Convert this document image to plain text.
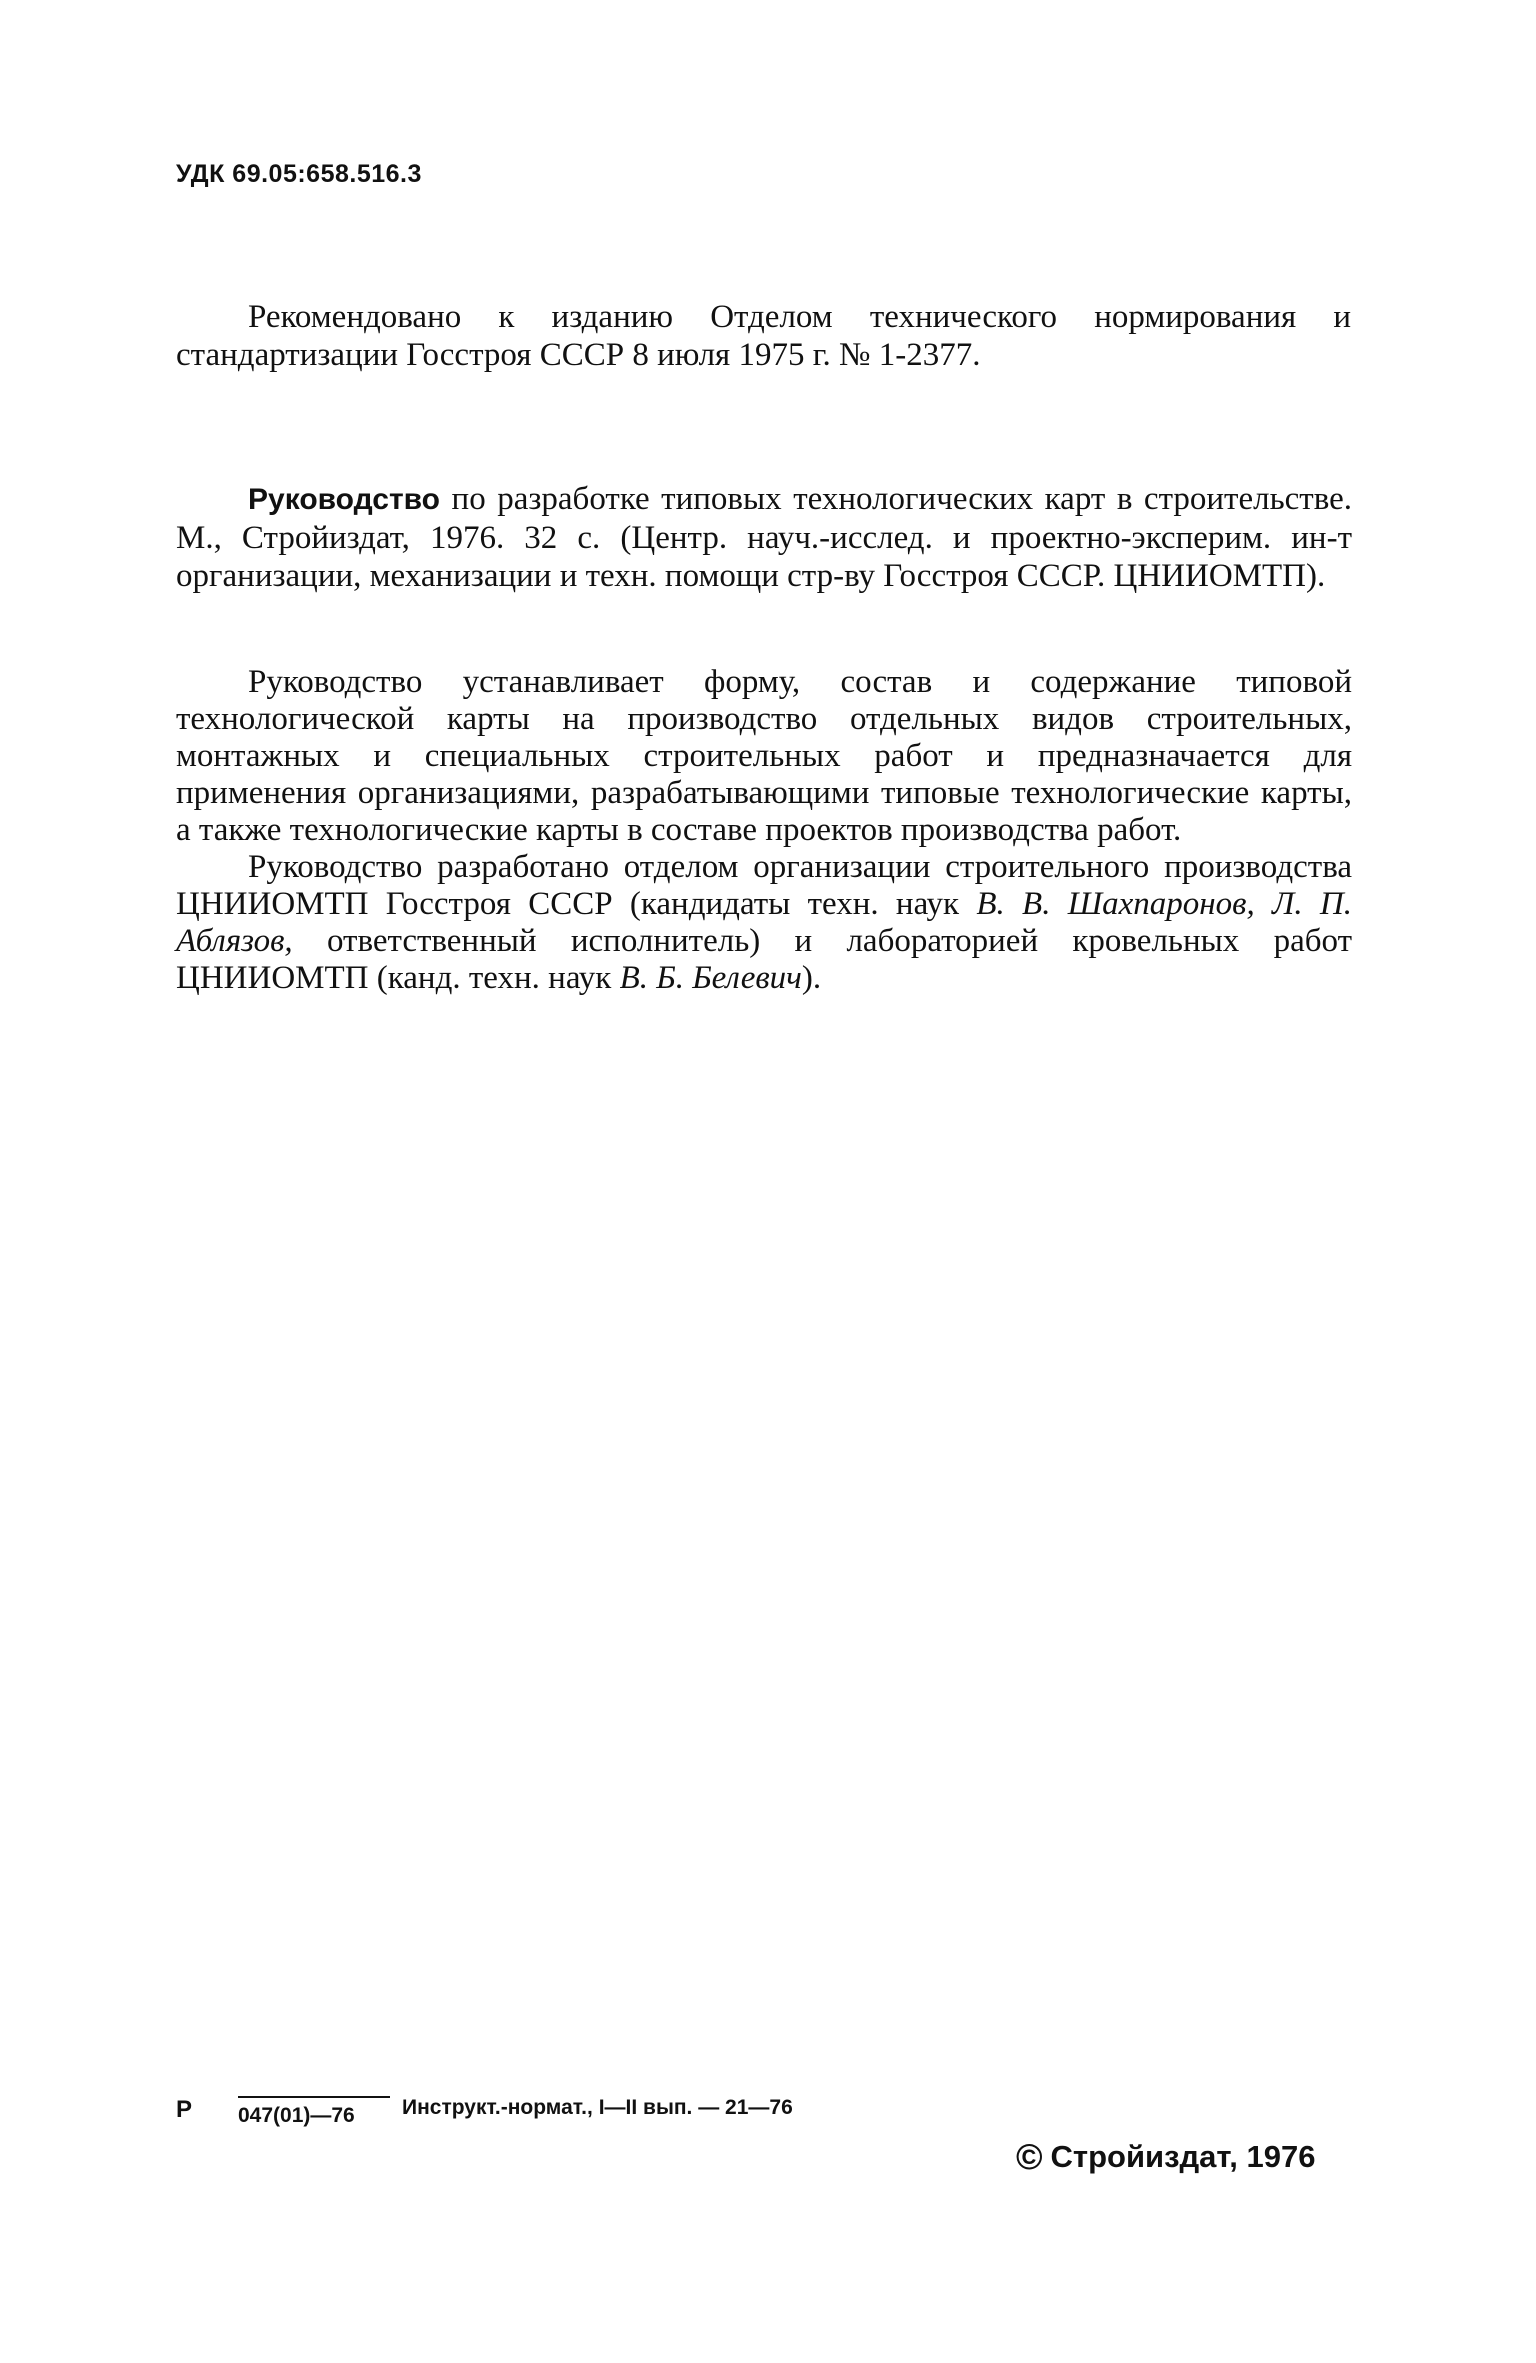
УДК 69.05:658.516.3
Рекомендовано к изданию Отделом технического нормирования и стандартизации Госстроя СССР 8 июля 1975 г. № 1-2377.
Руководство по разработке типовых технологических карт в строительстве. М., Стройиздат, 1976. 32 с. (Центр. науч.-исслед. и проектно-эксперим. ин-т организации, механизации и техн. помощи стр-ву Госстроя СССР. ЦНИИОМТП).

Руководство устанавливает форму, состав и содержание типовой технологической карты на производство отдельных видов строительных, монтажных и специальных строительных работ и предназначается для применения организациями, разрабатывающими типовые технологические карты, а также технологические карты в составе проектов производства работ.

Руководство разработано отделом организации строительного производства ЦНИИОМТП Госстроя СССР (кандидаты техн. наук В. В. Шахпаронов, Л. П. Аблязов, ответственный исполнитель) и лабораторией кровельных работ ЦНИИОМТП (канд. техн. наук В. Б. Белевич).

Р 047(01)—76	Инструкт.-нормат., I—II вып. — 21—76
© Стройиздат, 1976
